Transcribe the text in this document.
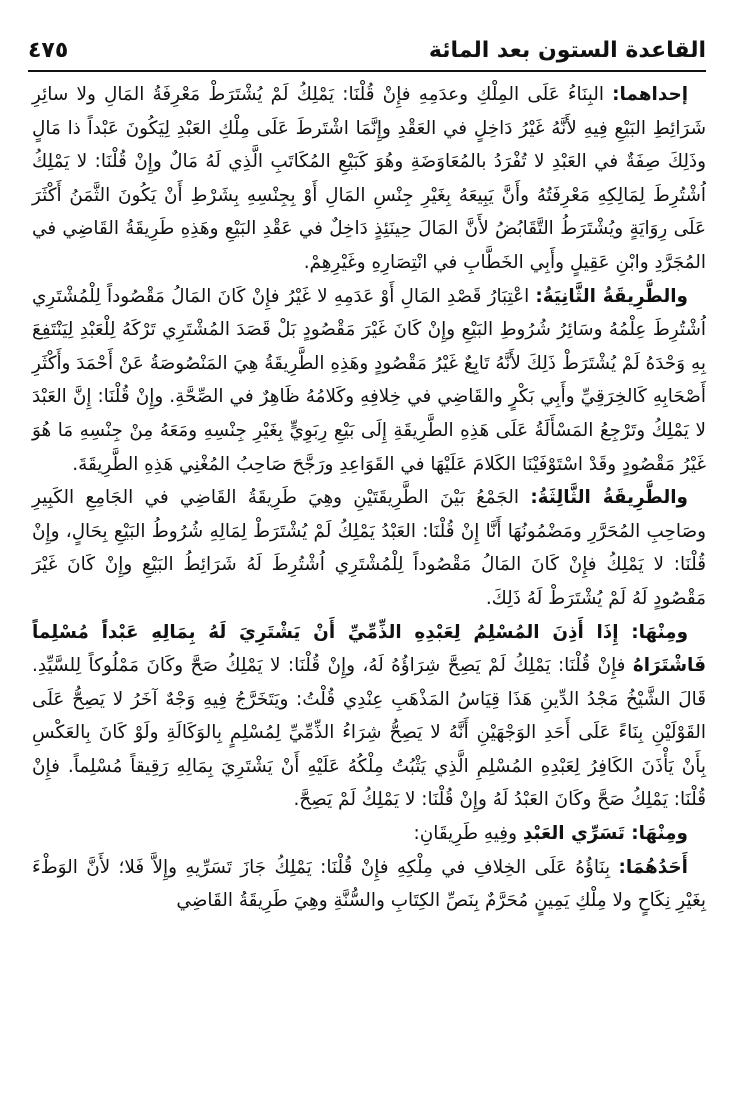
القاعدة الستون بعد المائة
٤٧٥

إحداهما: البِنَاءُ عَلَى المِلْكِ وعدَمِهِ فإِنْ قُلْنَا: يَمْلِكُ لَمْ يُشْتَرَطْ مَعْرِفَةُ المَالِ ولا سائِرِ شَرَائِطِ البَيْعِ فِيهِ لأَنَّهُ غَيْرُ دَاخِلٍ في العَقْدِ وإِنَّمَا اشْتَرطَ عَلَى مِلْكِ العَبْدِ لِيَكُونَ عَبْداً ذا مَالٍ وذَلِكَ صِفَةٌ في العَبْدِ لا تُفْرَدُ بالمُعَاوَضَةِ وهُوَ كَبَيْعِ المُكَاتَبِ الَّذِي لَهُ مَالٌ وإِنْ قُلْنَا: لا يَمْلِكُ اُشْتُرِطَ لِمَالِكِهِ مَعْرِفَتُهُ وأَنَّ يَبِيعَهُ بِغَيْرِ جِنْسِ المَالِ أَوْ بِجِنْسِهِ بِشَرْطِ أَنْ يَكُونَ الثَّمَنُ أَكْثَرَ عَلَى رِوَايَةٍ ويُشْتَرَطُ التَّقَابُضُ لأَنَّ المَالَ حِينَئِذٍ دَاخِلٌ في عَقْدِ البَيْعِ وهَذِهِ طَرِيقَةُ القَاضِي في المُجَرَّدِ وابْنِ عَقِيلٍ وأَبِي الخَطَّابِ في انْتِصَارِهِ وغَيْرِهِمْ.

والطَّرِيقَةُ الثَّانِيَةُ: اعْتِبَارُ قَصْدِ المَالِ أَوْ عَدَمِهِ لا غَيْرُ فإِنْ كَانَ المَالُ مَقْصُوداً لِلْمُشْتَرِي اُشْتُرِطَ عِلْمُهُ وسَائِرُ شُرُوطِ البَيْعِ وإِنْ كَانَ غَيْرَ مَقْصُودٍ بَلْ قَصَدَ المُشْتَرِي تَرْكَهُ لِلْعَبْدِ لِيَنْتَفِعَ بِهِ وَحْدَهُ لَمْ يُشْتَرَطْ ذَلِكَ لأَنَّهُ تَابِعٌ غَيْرُ مَقْصُودٍ وهَذِهِ الطَّرِيقَةُ هِيَ المَنْصُوصَةُ عَنْ أَحْمَدَ وأَكْثَرِ أَصْحَابِهِ كَالخِرَقِيِّ وأَبِي بَكْرٍ والقَاضِي في خِلافِهِ وكَلامُهُ ظَاهِرٌ في الصِّحَّةِ. وإِنْ قُلْنَا: إِنَّ العَبْدَ لا يَمْلِكُ وتَرْجِعُ المَسْأَلَةُ عَلَى هَذِهِ الطَّرِيقَةِ إِلَى بَيْعِ رِبَوِيٍّ بِغَيْرِ جِنْسِهِ ومَعَهُ مِنْ جِنْسِهِ مَا هُوَ غَيْرُ مَقْصُودٍ وقَدْ اسْتَوْفَيْنَا الكَلامَ عَلَيْهَا في القَوَاعِدِ ورَجَّحَ صَاحِبُ المُغْنِي هَذِهِ الطَّرِيقَةَ.

والطَّرِيقَةُ الثَّالِثَةُ: الجَمْعُ بَيْنَ الطَّرِيقَتَيْنِ وهِيَ طَرِيقَةُ القَاضِي في الجَامِعِ الكَبِيرِ وصَاحِبِ المُحَرَّرِ ومَضْمُونُهَا أَنَّا إِنْ قُلْنَا: العَبْدُ يَمْلِكُ لَمْ يُشْتَرَطْ لِمَالِهِ شُرُوطُ البَيْعِ بِحَالٍ، وإِنْ قُلْنَا: لا يَمْلِكُ فإِنْ كَانَ المَالُ مَقْصُوداً لِلْمُشْتَرِي اُشْتُرِطَ لَهُ شَرَائِطُ البَيْعِ وإِنْ كَانَ غَيْرَ مَقْصُودٍ لَهُ لَمْ يُشْتَرَطْ لَهُ ذَلِكَ.

ومِنْهَا: إِذَا أَذِنَ المُسْلِمُ لِعَبْدِهِ الذِّمِّيِّ أَنْ يَشْتَرِيَ لَهُ بِمَالِهِ عَبْداً مُسْلِماً فَاشْتَرَاهُ فإِنْ قُلْنَا: يَمْلِكُ لَمْ يَصِحَّ شِرَاؤُهُ لَهُ، وإِنْ قُلْنَا: لا يَمْلِكُ صَحَّ وكَانَ مَمْلُوكاً لِلسَّيِّدِ. قَالَ الشَّيْخُ مَجْدُ الدِّينِ هَذَا قِيَاسُ المَذْهَبِ عِنْدِي قُلْتُ: ويَتَخَرَّجُ فِيهِ وَجْهٌ آخَرُ لا يَصِحُّ عَلَى القَوْلَيْنِ بِنَاءً عَلَى أَحَدِ الوَجْهَيْنِ أَنَّهُ لا يَصِحُّ شِرَاءُ الذِّمِّيِّ لِمُسْلِمٍ بِالوَكَالَةِ ولَوْ كَانَ بِالعَكْسِ بِأَنْ يَأْذَنَ الكَافِرُ لِعَبْدِهِ المُسْلِمِ الَّذِي يَثْبُتُ مِلْكُهُ عَلَيْهِ أَنْ يَشْتَرِيَ بِمَالِهِ رَقِيقاً مُسْلِماً. فإِنْ قُلْنَا: يَمْلِكُ صَحَّ وكَانَ العَبْدُ لَهُ وإِنْ قُلْنَا: لا يَمْلِكُ لَمْ يَصِحَّ.

ومِنْهَا: تَسَرِّي العَبْدِ وفِيهِ طَرِيقَانِ:

أَحَدُهُمَا: بِنَاؤُهُ عَلَى الخِلافِ في مِلْكِهِ فإِنْ قُلْنَا: يَمْلِكُ جَازَ تَسَرِّيهِ وإِلاَّ فَلا؛ لأَنَّ الوَطْءَ بِغَيْرِ نِكَاحٍ ولا مِلْكِ يَمِينٍ مُحَرَّمٌ بِنَصِّ الكِتَابِ والسُّنَّةِ وهِيَ طَرِيقَةُ القَاضِي
